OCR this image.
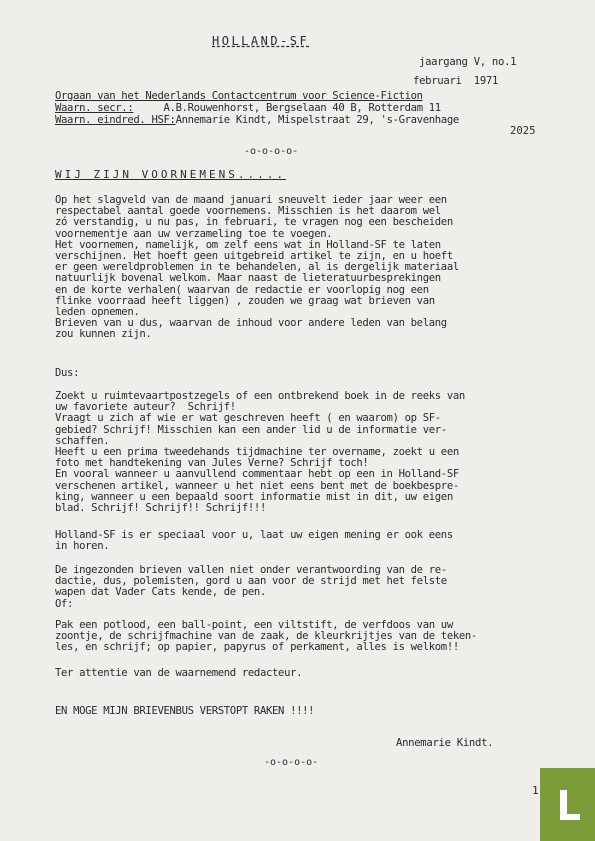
HOLLAND-SF
jaargang V, no.1
februari  1971
Orgaan van het Nederlands Contactcentrum voor Science-Fiction
Waarn. secr.:     A.B.Rouwenhorst, Bergselaan 40 B, Rotterdam 11
Waarn. eindred. HSF:Annemarie Kindt, Mispelstraat 29, 's-Gravenhage
2025
-o-o-o-o-
WIJ ZIJN VOORNEMENS.....

Op het slagveld van de maand januari sneuvelt ieder jaar weer een
respectabel aantal goede voornemens. Misschien is het daarom wel
zó verstandig, u nu pas, in februari, te vragen nog een bescheiden
voornementje aan uw verzameling toe te voegen.
Het voornemen, namelijk, om zelf eens wat in Holland-SF te laten
verschijnen. Het hoeft geen uitgebreid artikel te zijn, en u hoeft
er geen wereldproblemen in te behandelen, al is dergelijk materiaal
natuurlijk bovenal welkom. Maar naast de lieteratuurbesprekingen
en de korte verhalen( waarvan de redactie er voorlopig nog een
flinke voorraad heeft liggen) , zouden we graag wat brieven van
leden opnemen.
Brieven van u dus, waarvan de inhoud voor andere leden van belang
zou kunnen zijn.

Dus:

Zoekt u ruimtevaartpostzegels of een ontbrekend boek in de reeks van
uw favoriete auteur?  Schrijf!
Vraagt u zich af wie er wat geschreven heeft ( en waarom) op SF-
gebied? Schrijf! Misschien kan een ander lid u de informatie ver-
schaffen.
Heeft u een prima tweedehands tijdmachine ter overname, zoekt u een
foto met handtekening van Jules Verne? Schrijf toch!
En vooral wanneer u aanvullend commentaar hebt op een in Holland-SF
verschenen artikel, wanneer u het niet eens bent met de boekbespre-
king, wanneer u een bepaald soort informatie mist in dit, uw eigen
blad. Schrijf! Schrijf!! Schrijf!!!

Holland-SF is er speciaal voor u, laat uw eigen mening er ook eens
in horen.

De ingezonden brieven vallen niet onder verantwoording van de re-
dactie, dus, polemisten, gord u aan voor de strijd met het felste
wapen dat Vader Cats kende, de pen.
Of:

Pak een potlood, een ball-point, een viltstift, de verfdoos van uw
zoontje, de schrijfmachine van de zaak, de kleurkrijtjes van de teken-
les, en schrijf; op papier, papyrus of perkament, alles is welkom!!

Ter attentie van de waarnemend redacteur.

EN MOGE MIJN BRIEVENBUS VERSTOPT RAKEN !!!!

Annemarie Kindt.
-o-o-o-o-
1
